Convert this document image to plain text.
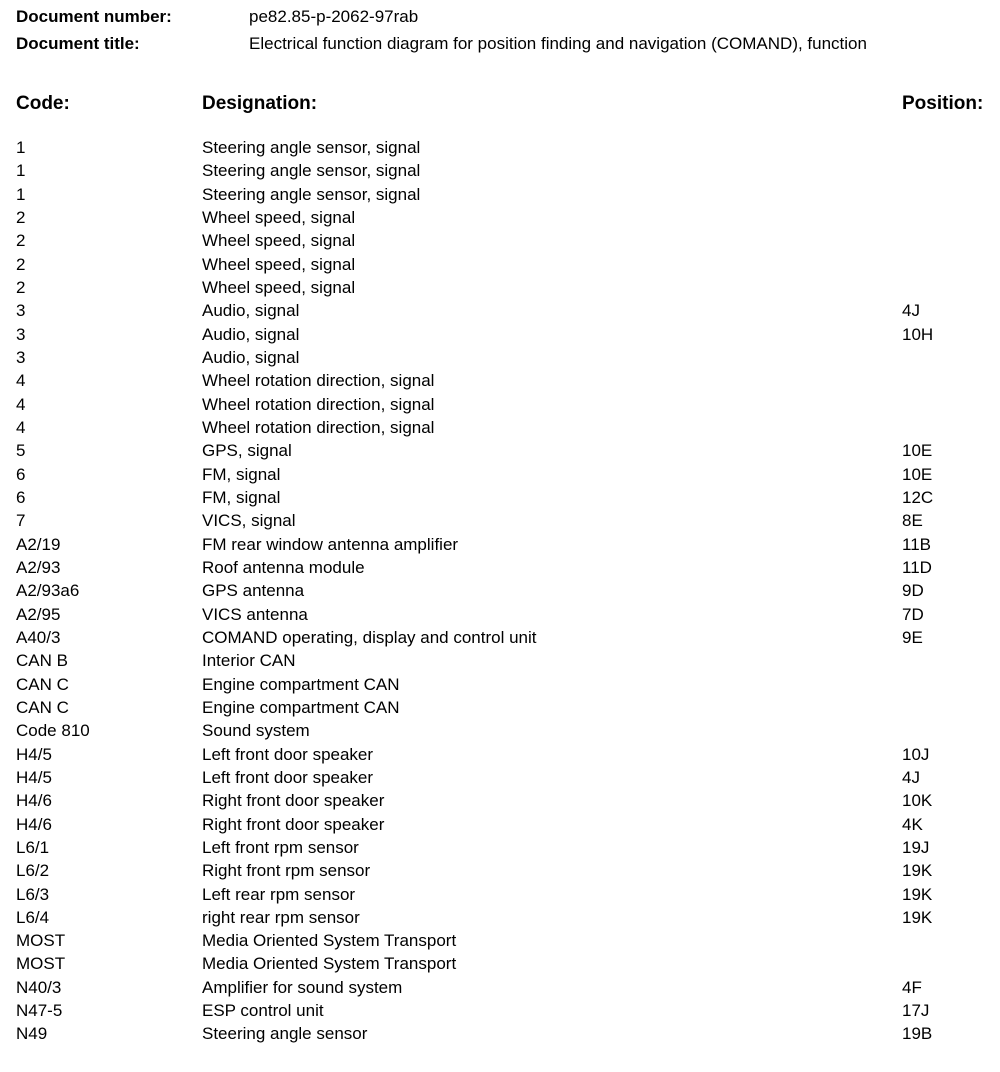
Document number:	pe82.85-p-2062-97rab
Document title:	Electrical function diagram for position finding and navigation (COMAND), function
Code:	Designation:	Position:
1	Steering angle sensor, signal
1	Steering angle sensor, signal
1	Steering angle sensor, signal
2	Wheel speed, signal
2	Wheel speed, signal
2	Wheel speed, signal
2	Wheel speed, signal
3	Audio, signal	4J
3	Audio, signal	10H
3	Audio, signal
4	Wheel rotation direction, signal
4	Wheel rotation direction, signal
4	Wheel rotation direction, signal
5	GPS, signal	10E
6	FM, signal	10E
6	FM, signal	12C
7	VICS, signal	8E
A2/19	FM rear window antenna amplifier	11B
A2/93	Roof antenna module	11D
A2/93a6	GPS antenna	9D
A2/95	VICS antenna	7D
A40/3	COMAND operating, display and control unit	9E
CAN B	Interior CAN
CAN C	Engine compartment CAN
CAN C	Engine compartment CAN
Code 810	Sound system
H4/5	Left front door speaker	10J
H4/5	Left front door speaker	4J
H4/6	Right front door speaker	10K
H4/6	Right front door speaker	4K
L6/1	Left front rpm sensor	19J
L6/2	Right front rpm sensor	19K
L6/3	Left rear rpm sensor	19K
L6/4	right rear rpm sensor	19K
MOST	Media Oriented System Transport
MOST	Media Oriented System Transport
N40/3	Amplifier for sound system	4F
N47-5	ESP control unit	17J
N49	Steering angle sensor	19B
